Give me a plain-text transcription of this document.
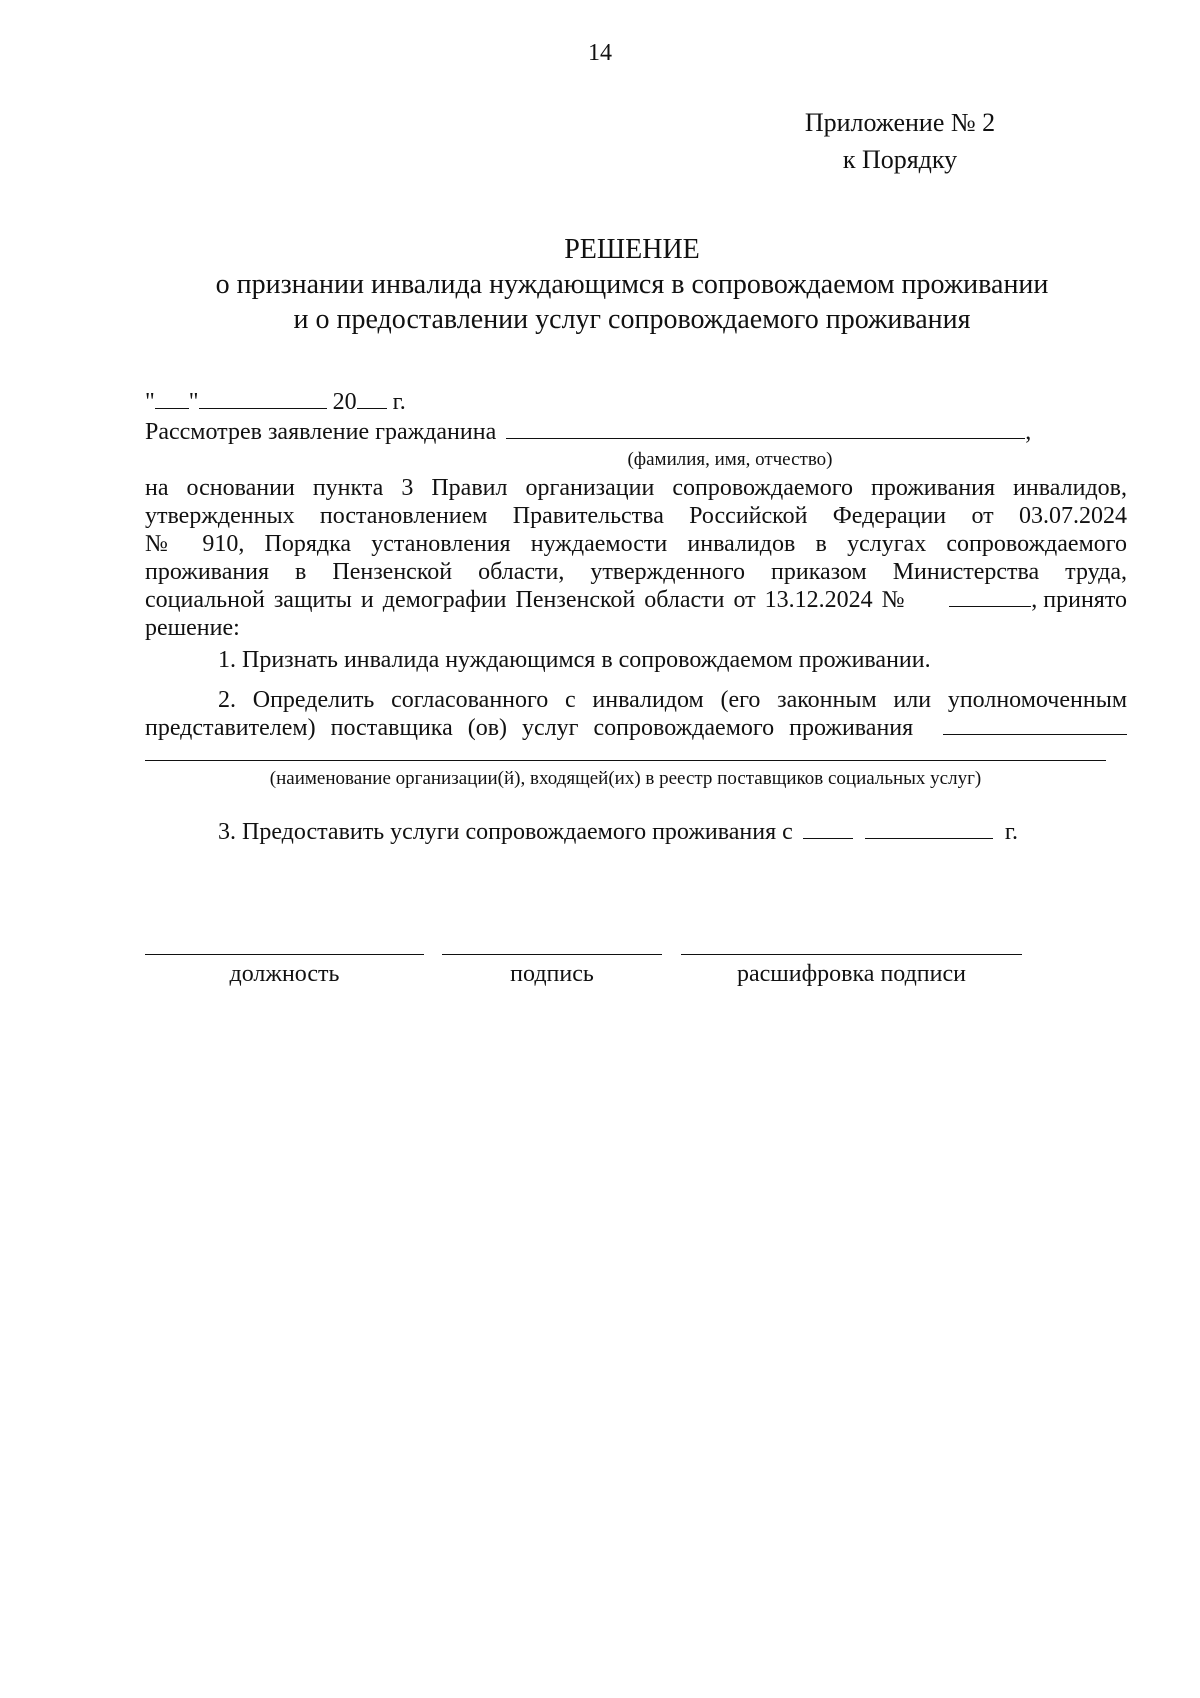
14
Приложение № 2
к Порядку
РЕШЕНИЕ
о признании инвалида нуждающимся в сопровождаемом проживании
и о предоставлении услуг сопровождаемого проживания
" "	20 г.
Рассмотрев заявление гражданина	,
(фамилия, имя, отчество)
на основании пункта 3 Правил организации сопровождаемого проживания инвалидов,
утвержденных постановлением Правительства Российской Федерации от 03.07.2024
№ 910, Порядка установления нуждаемости инвалидов в услугах сопровождаемого
проживания в Пензенской области, утвержденного приказом Министерства труда,
социальной защиты и демографии Пензенской области от 13.12.2024 №	, принято
решение:
1. Признать инвалида нуждающимся в сопровождаемом проживании.
2. Определить согласованного с инвалидом (его законным или уполномоченным
представителем) поставщика (ов) услуг сопровождаемого проживания
(наименование организации(й), входящей(их) в реестр поставщиков социальных услуг)
3. Предоставить услуги сопровождаемого проживания с	г.
должность	подпись	расшифровка подписи
